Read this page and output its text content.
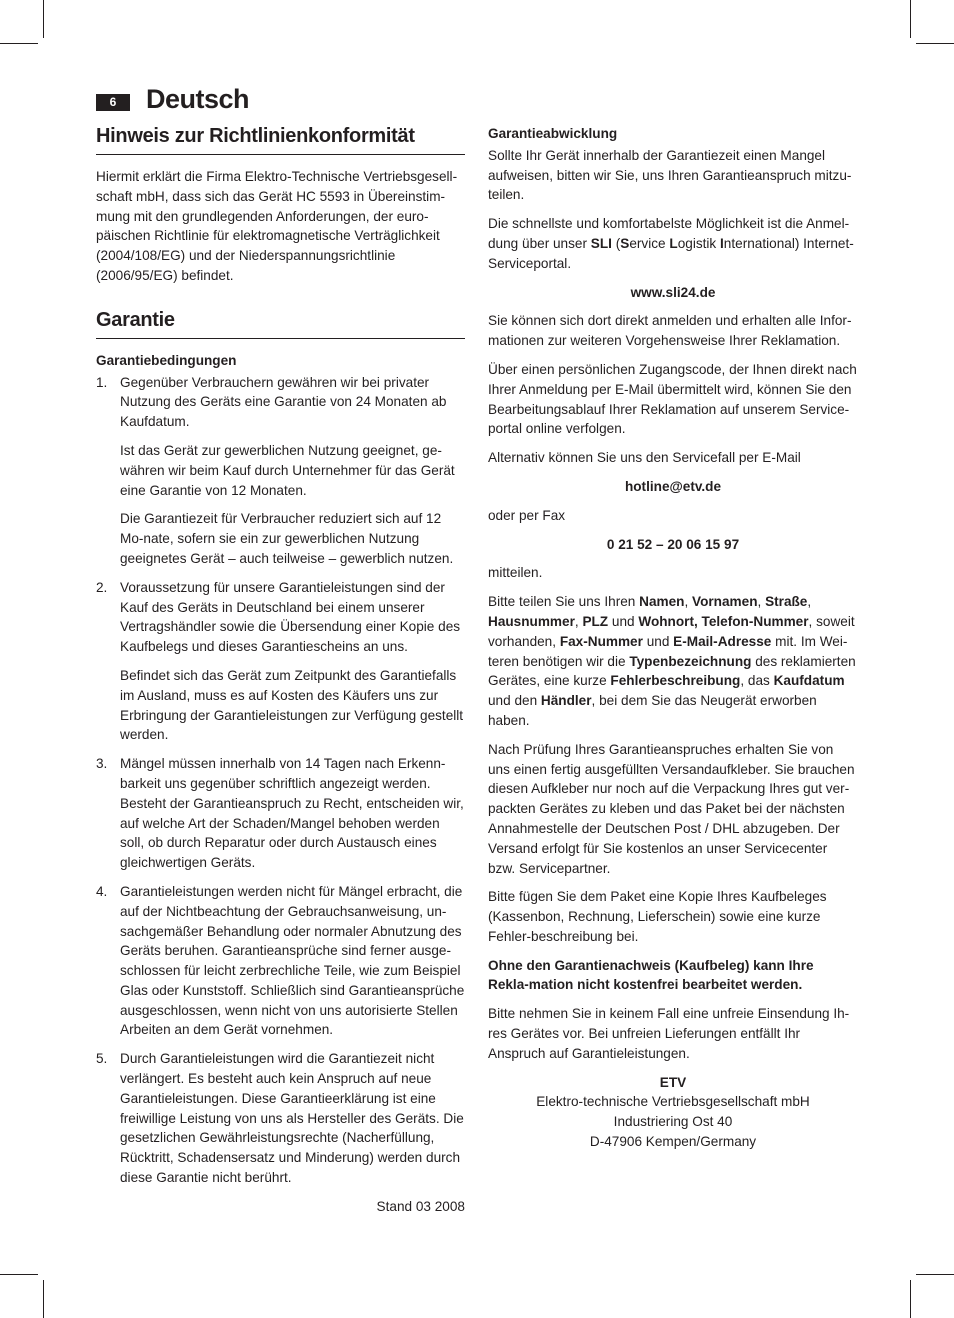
6	Deutsch
Hinweis zur Richtlinienkonformität

Hiermit erklärt die Firma Elektro-Technische Vertriebsgesell-schaft mbH, dass sich das Gerät HC 5593 in Übereinstim-mung mit den grundlegenden Anforderungen, der euro-päischen Richtlinie für elektromagnetische Verträglichkeit (2004/108/EG) und der Niederspannungsrichtlinie (2006/95/EG) befindet.

Garantie
Garantiebedingungen
1. Gegenüber Verbrauchern gewähren wir bei privater Nutzung des Geräts eine Garantie von 24 Monaten ab Kaufdatum.

Ist das Gerät zur gewerblichen Nutzung geeignet, ge-währen wir beim Kauf durch Unternehmer für das Gerät eine Garantie von 12 Monaten.

Die Garantiezeit für Verbraucher reduziert sich auf 12 Mo-nate, sofern sie ein zur gewerblichen Nutzung geeignetes Gerät – auch teilweise – gewerblich nutzen.

2. Voraussetzung für unsere Garantieleistungen sind der Kauf des Geräts in Deutschland bei einem unserer Vertragshändler sowie die Übersendung einer Kopie des Kaufbelegs und dieses Garantiescheins an uns.

Befindet sich das Gerät zum Zeitpunkt des Garantiefalls im Ausland, muss es auf Kosten des Käufers uns zur Erbringung der Garantieleistungen zur Verfügung gestellt werden.

3. Mängel müssen innerhalb von 14 Tagen nach Erkenn-barkeit uns gegenüber schriftlich angezeigt werden. Besteht der Garantieanspruch zu Recht, entscheiden wir, auf welche Art der Schaden/Mangel behoben werden soll, ob durch Reparatur oder durch Austausch eines gleichwertigen Geräts.

4. Garantieleistungen werden nicht für Mängel erbracht, die auf der Nichtbeachtung der Gebrauchsanweisung, un-sachgemäßer Behandlung oder normaler Abnutzung des Geräts beruhen. Garantieansprüche sind ferner ausge-schlossen für leicht zerbrechliche Teile, wie zum Beispiel Glas oder Kunststoff. Schließlich sind Garantieansprüche ausgeschlossen, wenn nicht von uns autorisierte Stellen Arbeiten an dem Gerät vornehmen.

5. Durch Garantieleistungen wird die Garantiezeit nicht verlängert. Es besteht auch kein Anspruch auf neue Garantieleistungen. Diese Garantieerklärung ist eine freiwillige Leistung von uns als Hersteller des Geräts. Die gesetzlichen Gewährleistungsrechte (Nacherfüllung, Rücktritt, Schadensersatz und Minderung) werden durch diese Garantie nicht berührt.

Stand 03 2008
Garantieabwicklung

Sollte Ihr Gerät innerhalb der Garantiezeit einen Mangel aufweisen, bitten wir Sie, uns Ihren Garantieanspruch mitzu-teilen.

Die schnellste und komfortabelste Möglichkeit ist die Anmel-dung über unser SLI (Service Logistik International) Internet-Serviceportal.

www.sli24.de

Sie können sich dort direkt anmelden und erhalten alle Infor-mationen zur weiteren Vorgehensweise Ihrer Reklamation.

Über einen persönlichen Zugangscode, der Ihnen direkt nach Ihrer Anmeldung per E-Mail übermittelt wird, können Sie den Bearbeitungsablauf Ihrer Reklamation auf unserem Service-portal online verfolgen.

Alternativ können Sie uns den Servicefall per E-Mail

hotline@etv.de

oder per Fax

0 21 52 – 20 06 15 97

mitteilen.

Bitte teilen Sie uns Ihren Namen, Vornamen, Straße, Hausnummer, PLZ und Wohnort, Telefon-Nummer, soweit vorhanden, Fax-Nummer und E-Mail-Adresse mit. Im Wei-teren benötigen wir die Typenbezeichnung des reklamierten Gerätes, eine kurze Fehlerbeschreibung, das Kaufdatum und den Händler, bei dem Sie das Neugerät erworben haben.

Nach Prüfung Ihres Garantieanspruches erhalten Sie von uns einen fertig ausgefüllten Versandaufkleber. Sie brauchen diesen Aufkleber nur noch auf die Verpackung Ihres gut ver-packten Gerätes zu kleben und das Paket bei der nächsten Annahmestelle der Deutschen Post / DHL abzugeben. Der Versand erfolgt für Sie kostenlos an unser Servicecenter bzw. Servicepartner.

Bitte fügen Sie dem Paket eine Kopie Ihres Kaufbeleges (Kassenbon, Rechnung, Lieferschein) sowie eine kurze Fehler-beschreibung bei.

Ohne den Garantienachweis (Kaufbeleg) kann Ihre Rekla-mation nicht kostenfrei bearbeitet werden.

Bitte nehmen Sie in keinem Fall eine unfreie Einsendung Ih-res Gerätes vor. Bei unfreien Lieferungen entfällt Ihr Anspruch auf Garantieleistungen.

ETV
Elektro-technische Vertriebsgesellschaft mbH
Industriering Ost 40
D-47906 Kempen/Germany
